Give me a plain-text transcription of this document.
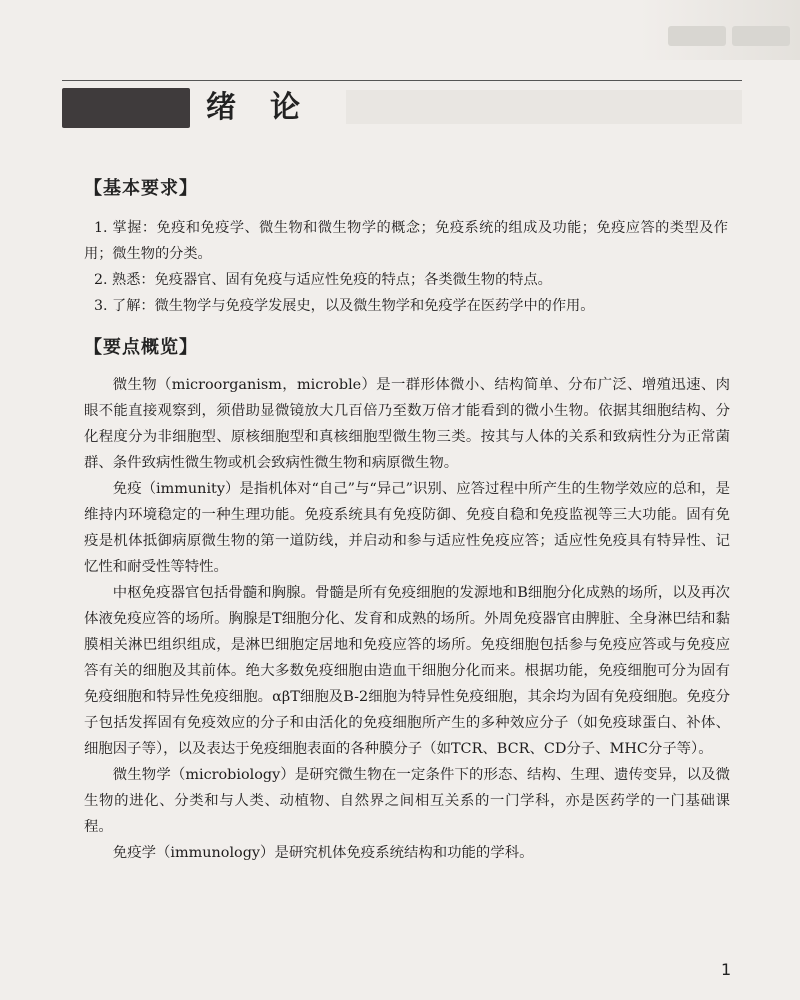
绪论
【基本要求】

1. 掌握：免疫和免疫学、微生物和微生物学的概念；免疫系统的组成及功能；免疫应答的类型及作用；微生物的分类。

2. 熟悉：免疫器官、固有免疫与适应性免疫的特点；各类微生物的特点。

3. 了解：微生物学与免疫学发展史，以及微生物学和免疫学在医药学中的作用。

【要点概览】

微生物（microorganism，microble）是一群形体微小、结构简单、分布广泛、增殖迅速、肉眼不能直接观察到，须借助显微镜放大几百倍乃至数万倍才能看到的微小生物。依据其细胞结构、分化程度分为非细胞型、原核细胞型和真核细胞型微生物三类。按其与人体的关系和致病性分为正常菌群、条件致病性微生物或机会致病性微生物和病原微生物。

免疫（immunity）是指机体对“自己”与“异己”识别、应答过程中所产生的生物学效应的总和，是维持内环境稳定的一种生理功能。免疫系统具有免疫防御、免疫自稳和免疫监视等三大功能。固有免疫是机体抵御病原微生物的第一道防线，并启动和参与适应性免疫应答；适应性免疫具有特异性、记忆性和耐受性等特性。

中枢免疫器官包括骨髓和胸腺。骨髓是所有免疫细胞的发源地和B细胞分化成熟的场所，以及再次体液免疫应答的场所。胸腺是T细胞分化、发育和成熟的场所。外周免疫器官由脾脏、全身淋巴结和黏膜相关淋巴组织组成，是淋巴细胞定居地和免疫应答的场所。免疫细胞包括参与免疫应答或与免疫应答有关的细胞及其前体。绝大多数免疫细胞由造血干细胞分化而来。根据功能，免疫细胞可分为固有免疫细胞和特异性免疫细胞。αβT细胞及B-2细胞为特异性免疫细胞，其余均为固有免疫细胞。免疫分子包括发挥固有免疫效应的分子和由活化的免疫细胞所产生的多种效应分子（如免疫球蛋白、补体、细胞因子等），以及表达于免疫细胞表面的各种膜分子（如TCR、BCR、CD分子、MHC分子等）。

微生物学（microbiology）是研究微生物在一定条件下的形态、结构、生理、遗传变异，以及微生物的进化、分类和与人类、动植物、自然界之间相互关系的一门学科，亦是医药学的一门基础课程。

免疫学（immunology）是研究机体免疫系统结构和功能的学科。

1
